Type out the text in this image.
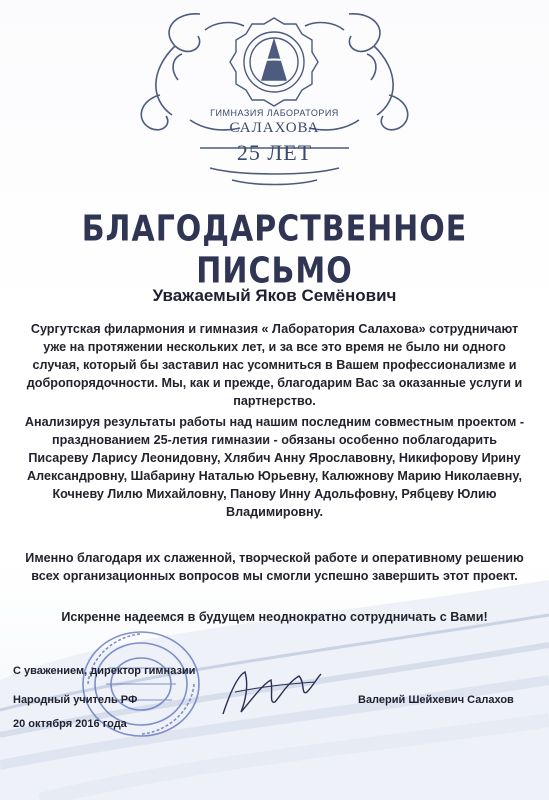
ГИМНАЗИЯ ЛАБОРАТОРИЯ
САЛАХОВА
25 ЛЕТ
БЛАГОДАРСТВЕННОЕ ПИСЬМО
Уважаемый Яков Семёнович
Сургутская филармония и гимназия « Лаборатория Салахова» сотрудничают уже на протяжении нескольких лет, и за все это время не было ни одного случая, который бы заставил нас усомниться в Вашем профессионализме и добропорядочности. Мы, как и прежде, благодарим Вас за оказанные услуги и партнерство.
Анализируя результаты работы над нашим последним совместным проектом - празднованием 25-летия гимназии - обязаны особенно поблагодарить Писареву Ларису Леонидовну, Хлябич Анну Ярославовну, Никифорову Ирину Александровну, Шабарину Наталью Юрьевну, Калюжнову Марию Николаевну, Кочневу Лилю Михайловну, Панову Инну Адольфовну, Рябцеву Юлию Владимировну.
Именно благодаря их слаженной, творческой работе и оперативному решению всех организационных вопросов мы смогли успешно завершить этот проект.
Искренне надеемся в будущем неоднократно сотрудничать с Вами!
С уважением, директор гимназии
Народный учитель РФ
20 октября 2016 года
Валерий Шейхевич Салахов
